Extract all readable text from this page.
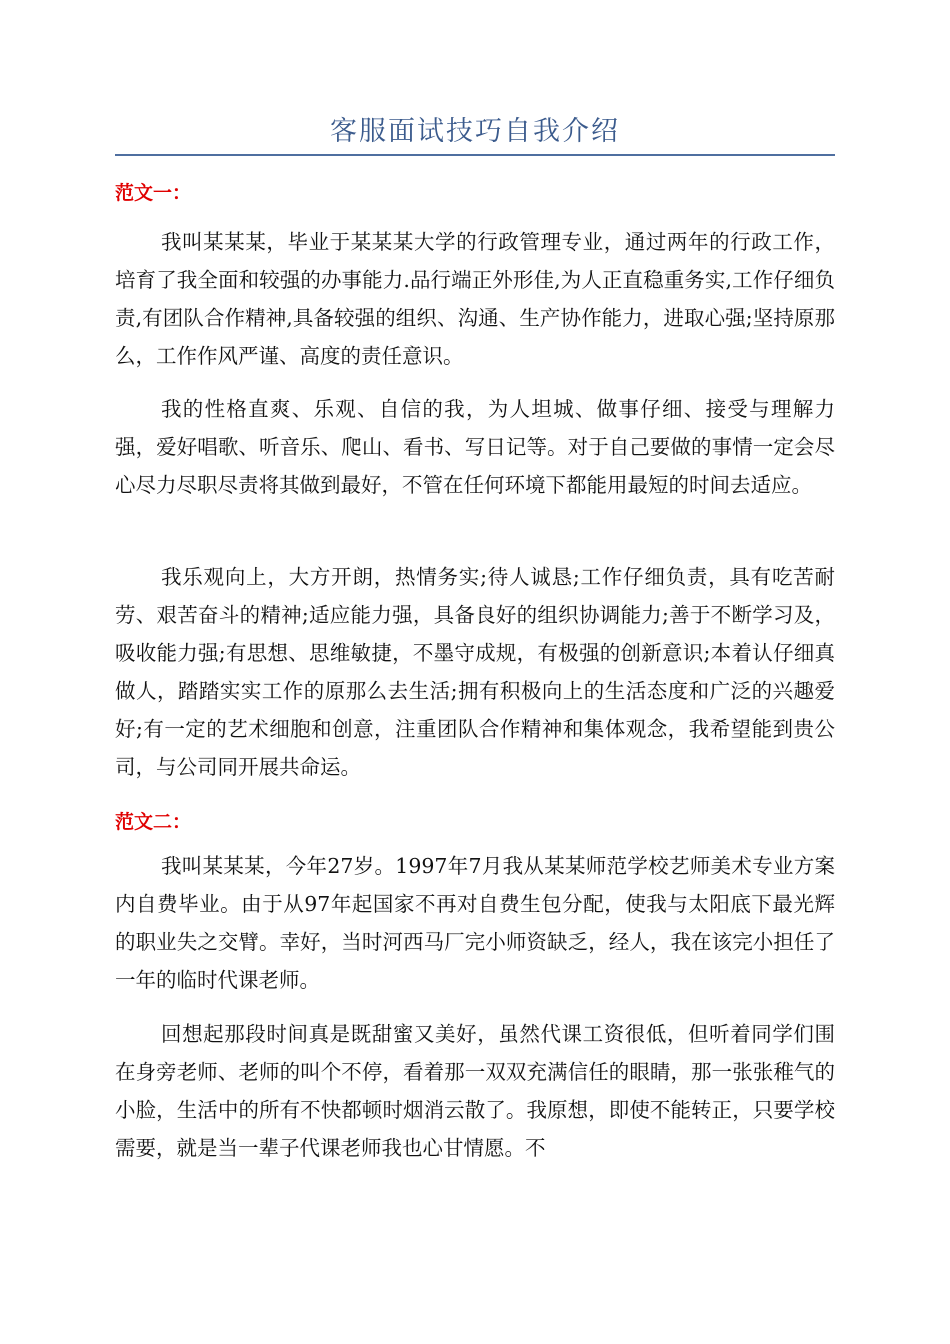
客服面试技巧自我介绍
范文一：

我叫某某某，毕业于某某某大学的行政管理专业，通过两年的行政工作，培育了我全面和较强的办事能力.品行端正外形佳,为人正直稳重务实,工作仔细负责,有团队合作精神,具备较强的组织、沟通、生产协作能力，进取心强;坚持原那么，工作作风严谨、高度的责任意识。

我的性格直爽、乐观、自信的我，为人坦城、做事仔细、接受与理解力强，爱好唱歌、听音乐、爬山、看书、写日记等。对于自己要做的事情一定会尽心尽力尽职尽责将其做到最好，不管在任何环境下都能用最短的时间去适应。

我乐观向上，大方开朗，热情务实;待人诚恳;工作仔细负责，具有吃苦耐劳、艰苦奋斗的精神;适应能力强，具备良好的组织协调能力;善于不断学习及，吸收能力强;有思想、思维敏捷，不墨守成规，有极强的创新意识;本着认仔细真做人，踏踏实实工作的原那么去生活;拥有积极向上的生活态度和广泛的兴趣爱好;有一定的艺术细胞和创意，注重团队合作精神和集体观念，我希望能到贵公司，与公司同开展共命运。

范文二：

我叫某某某，今年27岁。1997年7月我从某某师范学校艺师美术专业方案内自费毕业。由于从97年起国家不再对自费生包分配，使我与太阳底下最光辉的职业失之交臂。幸好，当时河西马厂完小师资缺乏，经人，我在该完小担任了一年的临时代课老师。

回想起那段时间真是既甜蜜又美好，虽然代课工资很低，但听着同学们围在身旁老师、老师的叫个不停，看着那一双双充满信任的眼睛，那一张张稚气的小脸，生活中的所有不快都顿时烟消云散了。我原想，即使不能转正，只要学校需要，就是当一辈子代课老师我也心甘情愿。不
